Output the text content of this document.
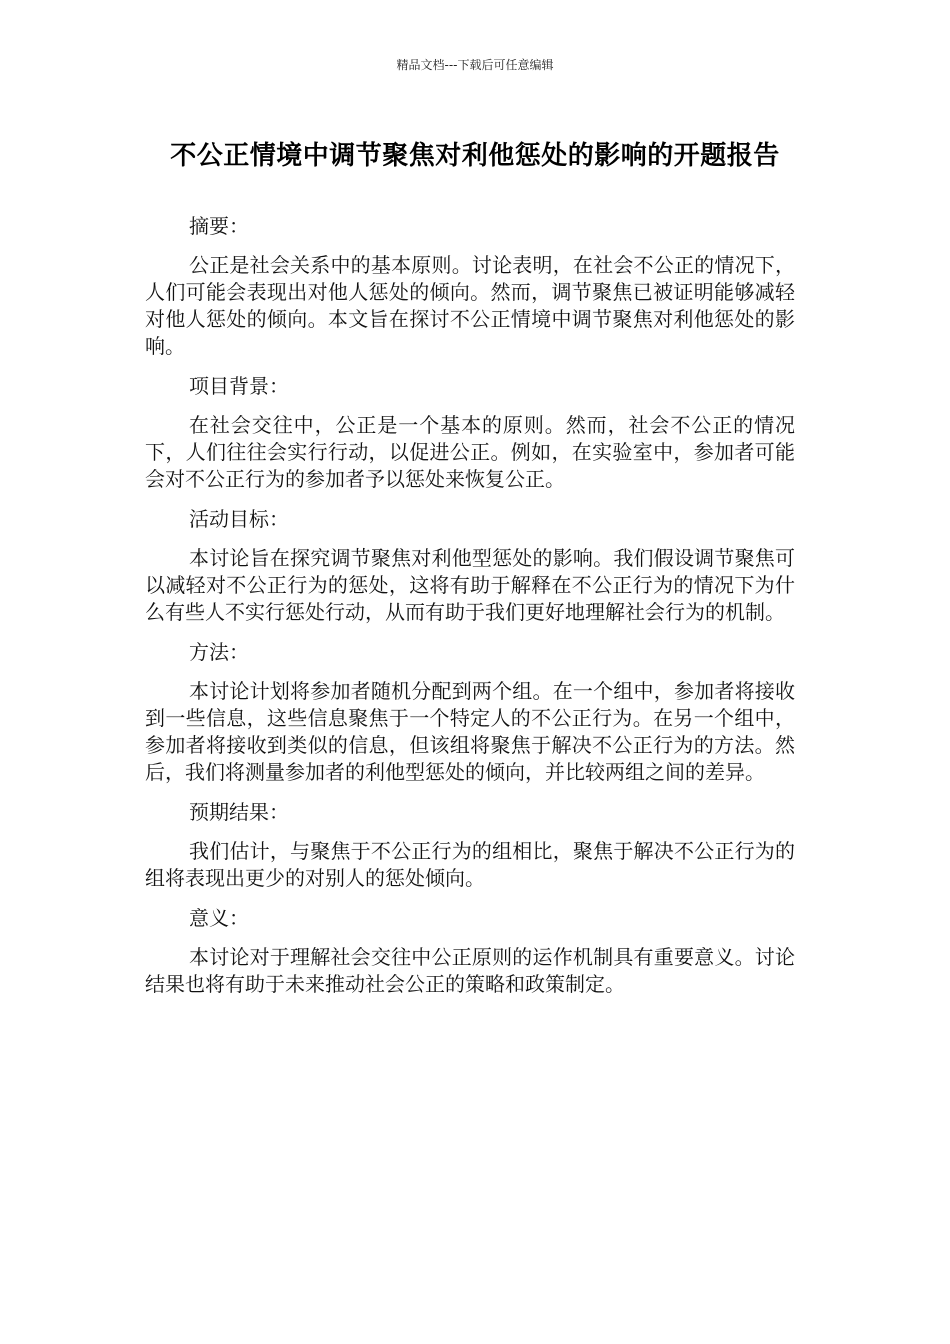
精品文档---下载后可任意编辑
不公正情境中调节聚焦对利他惩处的影响的开题报告

摘要：

公正是社会关系中的基本原则。讨论表明，在社会不公正的情况下，人们可能会表现出对他人惩处的倾向。然而，调节聚焦已被证明能够减轻对他人惩处的倾向。本文旨在探讨不公正情境中调节聚焦对利他惩处的影响。

项目背景：

在社会交往中，公正是一个基本的原则。然而，社会不公正的情况下，人们往往会实行行动，以促进公正。例如，在实验室中，参加者可能会对不公正行为的参加者予以惩处来恢复公正。

活动目标：

本讨论旨在探究调节聚焦对利他型惩处的影响。我们假设调节聚焦可以减轻对不公正行为的惩处，这将有助于解释在不公正行为的情况下为什么有些人不实行惩处行动，从而有助于我们更好地理解社会行为的机制。

方法：

本讨论计划将参加者随机分配到两个组。在一个组中，参加者将接收到一些信息，这些信息聚焦于一个特定人的不公正行为。在另一个组中，参加者将接收到类似的信息，但该组将聚焦于解决不公正行为的方法。然后，我们将测量参加者的利他型惩处的倾向，并比较两组之间的差异。

预期结果：

我们估计，与聚焦于不公正行为的组相比，聚焦于解决不公正行为的组将表现出更少的对别人的惩处倾向。

意义：

本讨论对于理解社会交往中公正原则的运作机制具有重要意义。讨论结果也将有助于未来推动社会公正的策略和政策制定。
